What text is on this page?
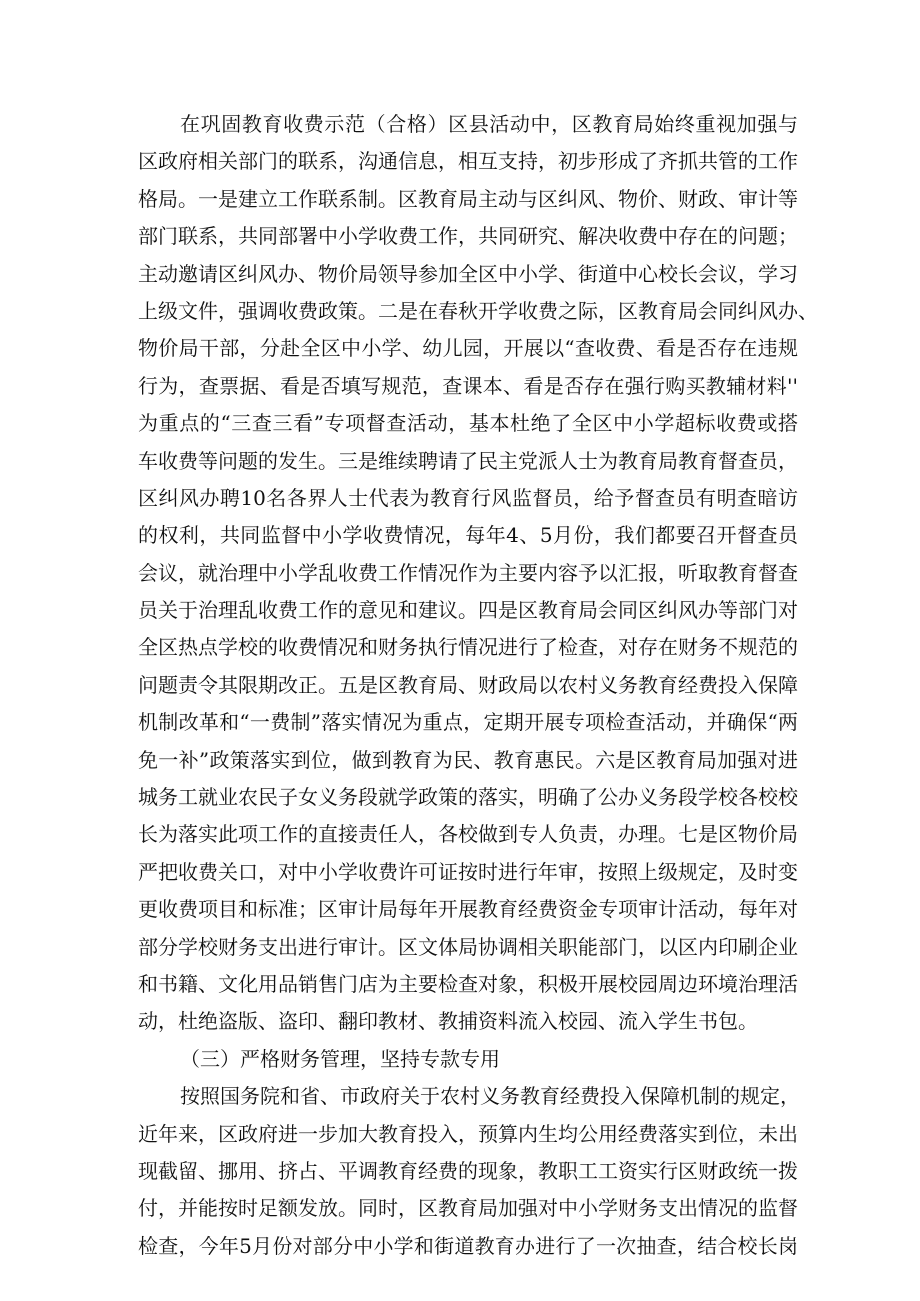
在巩固教育收费示范（合格）区县活动中，区教育局始终重视加强与
区政府相关部门的联系，沟通信息，相互支持，初步形成了齐抓共管的工作
格局。一是建立工作联系制。区教育局主动与区纠风、物价、财政、审计等
部门联系，共同部署中小学收费工作，共同研究、解决收费中存在的问题；
主动邀请区纠风办、物价局领导参加全区中小学、街道中心校长会议，学习
上级文件，强调收费政策。二是在春秋开学收费之际，区教育局会同纠风办、
物价局干部，分赴全区中小学、幼儿园，开展以“查收费、看是否存在违规
行为，查票据、看是否填写规范，查课本、看是否存在强行购买教辅材料''
为重点的“三查三看”专项督查活动，基本杜绝了全区中小学超标收费或搭
车收费等问题的发生。三是维续聘请了民主党派人士为教育局教育督查员，
区纠风办聘10名各界人士代表为教育行风监督员，给予督查员有明查暗访
的权利，共同监督中小学收费情况，每年4、5月份，我们都要召开督查员
会议，就治理中小学乱收费工作情况作为主要内容予以汇报，听取教育督查
员关于治理乱收费工作的意见和建议。四是区教育局会同区纠风办等部门对
全区热点学校的收费情况和财务执行情况进行了检查，对存在财务不规范的
问题责令其限期改正。五是区教育局、财政局以农村义务教育经费投入保障
机制改革和“一费制”落实情况为重点，定期开展专项检查活动，并确保“两
免一补”政策落实到位，做到教育为民、教育惠民。六是区教育局加强对进
城务工就业农民子女义务段就学政策的落实，明确了公办义务段学校各校校
长为落实此项工作的直接责任人，各校做到专人负责，办理。七是区物价局
严把收费关口，对中小学收费许可证按时进行年审，按照上级规定，及时变
更收费项目和标准；区审计局每年开展教育经费资金专项审计活动，每年对
部分学校财务支出进行审计。区文体局协调相关职能部门，以区内印刷企业
和书籍、文化用品销售门店为主要检查对象，积极开展校园周边环境治理活
动，杜绝盗版、盗印、翻印教材、教捕资料流入校园、流入学生书包。
（三）严格财务管理，坚持专款专用
按照国务院和省、市政府关于农村义务教育经费投入保障机制的规定，
近年来，区政府进一步加大教育投入，预算内生均公用经费落实到位，未出
现截留、挪用、挤占、平调教育经费的现象，教职工工资实行区财政统一拨
付，并能按时足额发放。同时，区教育局加强对中小学财务支出情况的监督
检查，今年5月份对部分中小学和街道教育办进行了一次抽查，结合校长岗
